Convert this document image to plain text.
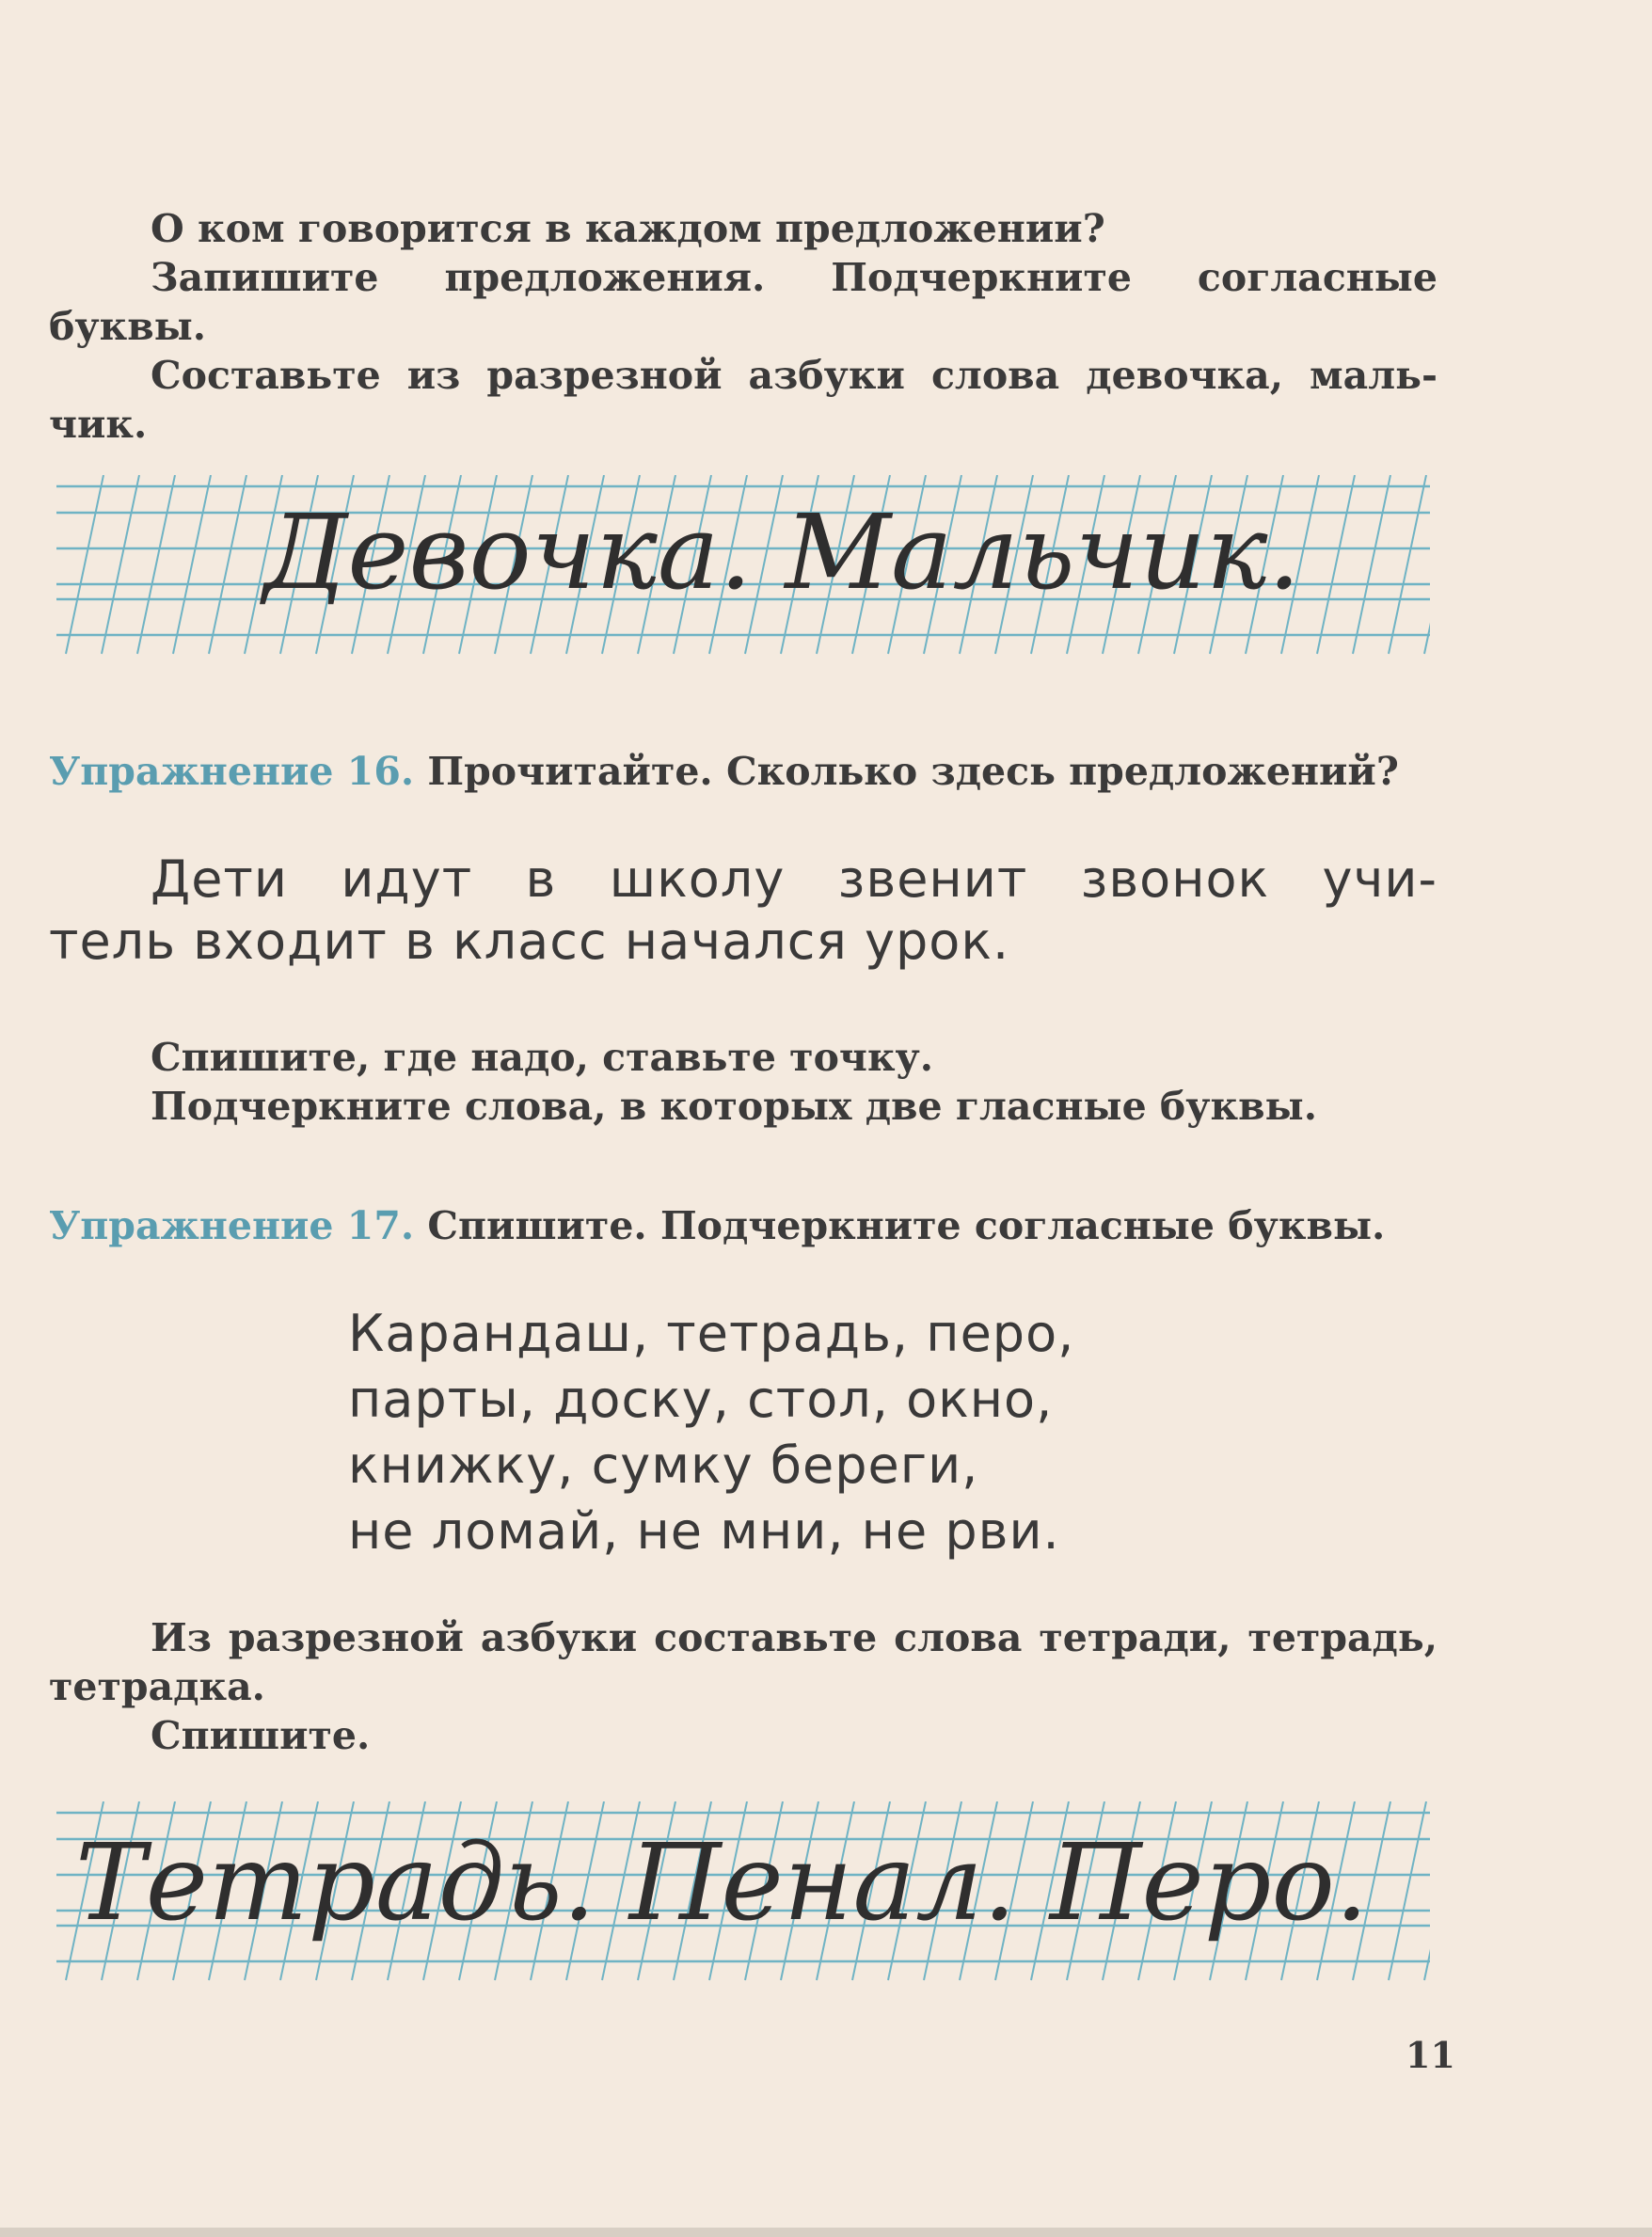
О ком говорится в каждом предложении?

Запишите предложения. Подчеркните согласные

буквы.

Составьте из разрезной азбуки слова девочка, маль-

чик.

Девочка. Мальчик.

Упражнение 16. Прочитайте. Сколько здесь предложений?

Дети идут в школу звенит звонок учи-

тель входит в класс начался урок.

Спишите, где надо, ставьте точку.

Подчеркните слова, в которых две гласные буквы.

Упражнение 17. Спишите. Подчеркните согласные буквы.

Карандаш, тетрадь, перо,

парты, доску, стол, окно,

книжку, сумку береги,

не ломай, не мни, не рви.

Из разрезной азбуки составьте слова тетради, тетрадь,

тетрадка.

Спишите.

Тетрадь. Пенал. Перо.

11
